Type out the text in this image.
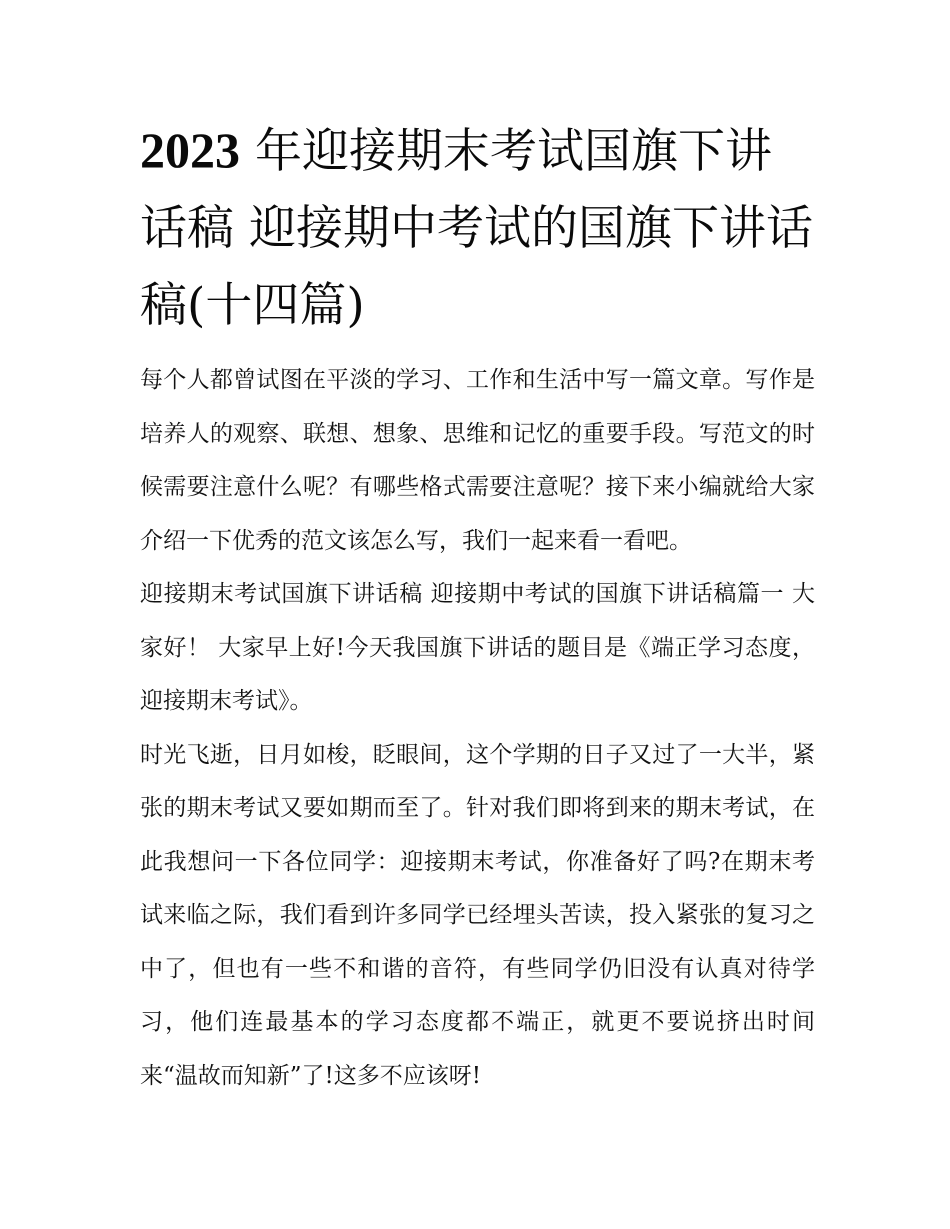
2023 年迎接期末考试国旗下讲话稿 迎接期中考试的国旗下讲话稿(十四篇)

每个人都曾试图在平淡的学习、工作和生活中写一篇文章。写作是培养人的观察、联想、想象、思维和记忆的重要手段。写范文的时候需要注意什么呢？有哪些格式需要注意呢？接下来小编就给大家介绍一下优秀的范文该怎么写，我们一起来看一看吧。

迎接期末考试国旗下讲话稿 迎接期中考试的国旗下讲话稿篇一 大家好！ 大家早上好!今天我国旗下讲话的题目是《端正学习态度，迎接期末考试》。

时光飞逝，日月如梭，眨眼间，这个学期的日子又过了一大半，紧张的期末考试又要如期而至了。针对我们即将到来的期末考试，在此我想问一下各位同学：迎接期末考试，你准备好了吗?在期末考试来临之际，我们看到许多同学已经埋头苦读，投入紧张的复习之中了，但也有一些不和谐的音符，有些同学仍旧没有认真对待学习，他们连最基本的学习态度都不端正，就更不要说挤出时间来“温故而知新”了!这多不应该呀!
